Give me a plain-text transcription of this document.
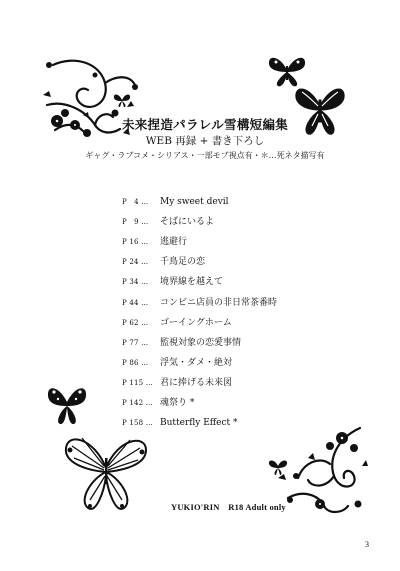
未来捏造パラレル雪構短編集
WEB 再録 + 書き下ろし
ギャグ・ラブコメ・シリアス・一部モブ視点有・＊…死ネタ描写有
P　4 …	My sweet devil
P　9 …	そばにいるよ
P 16 …	逃避行
P 24 …	千鳥足の恋
P 34 …	境界線を越えて
P 44 …	コンビニ店員の非日常茶番時
P 62 …	ゴーイングホーム
P 77 …	監視対象の恋愛事情
P 86 …	浮気・ダメ・絶対
P 115 … 君に捧げる未来図
P 142 … 魂祭り *
P 158 … Butterfly Effect *
YUKIO'RIN　R18 Adult only
3
